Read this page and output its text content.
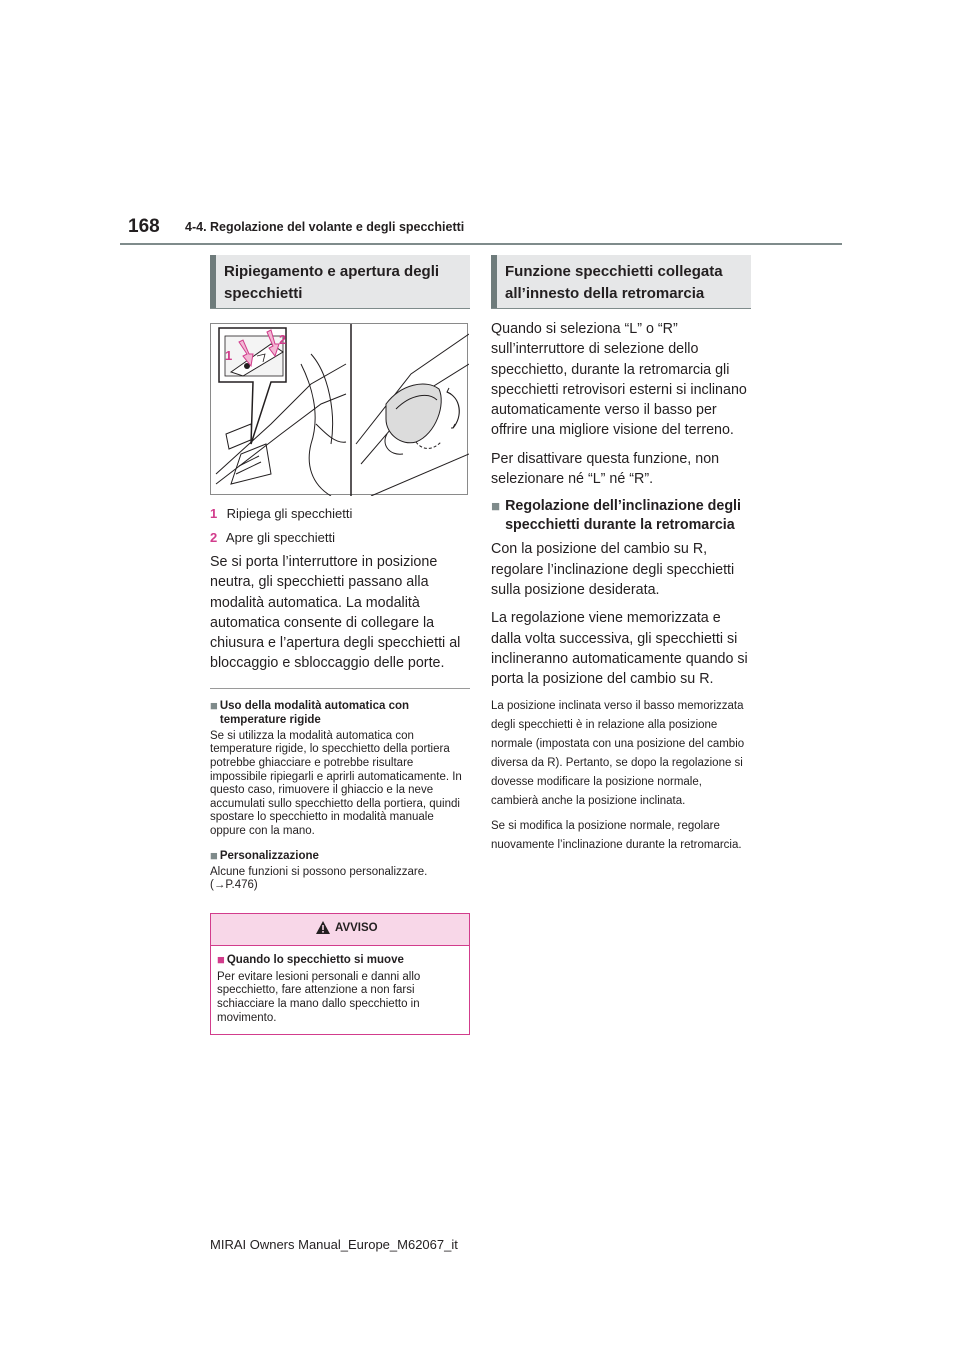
168 4-4. Regolazione del volante e degli specchietti
Ripiegamento e apertura degli specchietti
1
2
1 Ripiega gli specchietti
2 Apre gli specchietti

Se si porta l’interruttore in posizione neutra, gli specchietti passano alla modalità automatica. La modalità automatica consente di collegare la chiusura e l’apertura degli specchietti al bloccaggio e sbloccaggio delle porte.

■ Uso della modalità automatica con temperature rigide
Se si utilizza la modalità automatica con temperature rigide, lo specchietto della portiera potrebbe ghiacciare e potrebbe risultare impossibile ripiegarli e aprirli automaticamente. In questo caso, rimuovere il ghiaccio e la neve accumulati sullo specchietto della portiera, quindi spostare lo specchietto in modalità manuale oppure con la mano.
■ Personalizzazione
Alcune funzioni si possono personalizzare. (→P.476)
AVVISO
■ Quando lo specchietto si muove
Per evitare lesioni personali e danni allo specchietto, fare attenzione a non farsi schiacciare la mano dallo specchietto in movimento.
Funzione specchietti collegata all’innesto della retromarcia

Quando si seleziona “L” o “R” sull’interruttore di selezione dello specchietto, durante la retromarcia gli specchietti retrovisori esterni si inclinano automaticamente verso il basso per offrire una migliore visione del terreno.

Per disattivare questa funzione, non selezionare né “L” né “R”.

■ Regolazione dell’inclinazione degli specchietti durante la retromarcia

Con la posizione del cambio su R, regolare l’inclinazione degli specchietti sulla posizione desiderata.

La regolazione viene memorizzata e dalla volta successiva, gli specchietti si inclineranno automaticamente quando si porta la posizione del cambio su R.

La posizione inclinata verso il basso memorizzata degli specchietti è in relazione alla posizione normale (impostata con una posizione del cambio diversa da R). Pertanto, se dopo la regolazione si dovesse modificare la posizione normale, cambierà anche la posizione inclinata.
Se si modifica la posizione normale, regolare nuovamente l’inclinazione durante la retromarcia.
MIRAI Owners Manual_Europe_M62067_it
